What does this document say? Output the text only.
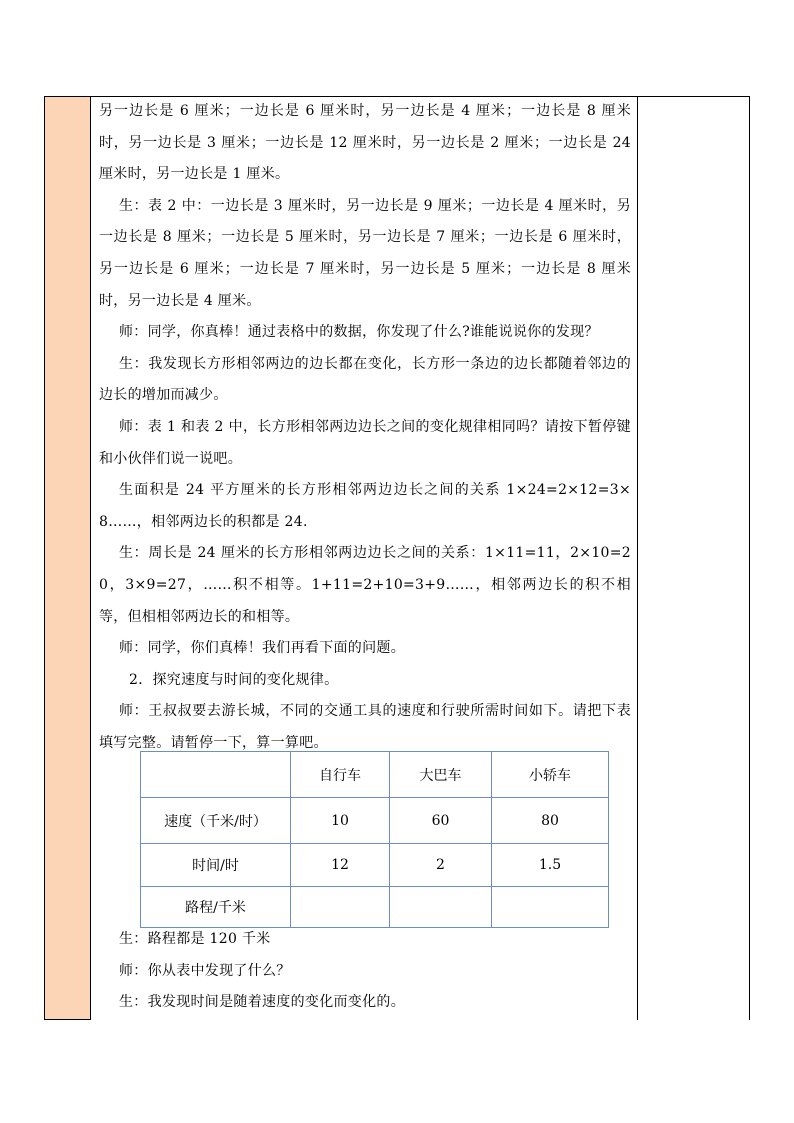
另一边长是 6 厘米；一边长是 6 厘米时，另一边长是 4 厘米；一边长是 8 厘米时，另一边长是 3 厘米；一边长是 12 厘米时，另一边长是 2 厘米；一边长是 24 厘米时，另一边长是 1 厘米。

生：表 2 中：一边长是 3 厘米时，另一边长是 9 厘米；一边长是 4 厘米时，另一边长是 8 厘米；一边长是 5 厘米时，另一边长是 7 厘米；一边长是 6 厘米时，另一边长是 6 厘米；一边长是 7 厘米时，另一边长是 5 厘米；一边长是 8 厘米时，另一边长是 4 厘米。

师：同学，你真棒！通过表格中的数据，你发现了什么?谁能说说你的发现？

生：我发现长方形相邻两边的边长都在变化，长方形一条边的边长都随着邻边的边长的增加而减少。

师：表 1 和表 2 中，长方形相邻两边边长之间的变化规律相同吗？请按下暂停键和小伙伴们说一说吧。

生面积是 24 平方厘米的长方形相邻两边边长之间的关系 1×24=2×12=3×8……，相邻两边长的积都是 24.

生：周长是 24 厘米的长方形相邻两边边长之间的关系：1×11=11，2×10=20，3×9=27，……积不相等。1+11=2+10=3+9……，相邻两边长的积不相等，但相相邻两边长的和相等。

师：同学，你们真棒！我们再看下面的问题。

2．探究速度与时间的变化规律。

师：王叔叔要去游长城，不同的交通工具的速度和行驶所需时间如下。请把下表填写完整。请暂停一下，算一算吧。

	自行车	大巴车	小轿车
速度（千米/时）	10	60	80
时间/时	12	2	1.5
路程/千米			

生：路程都是 120 千米

师：你从表中发现了什么？

生：我发现时间是随着速度的变化而变化的。
